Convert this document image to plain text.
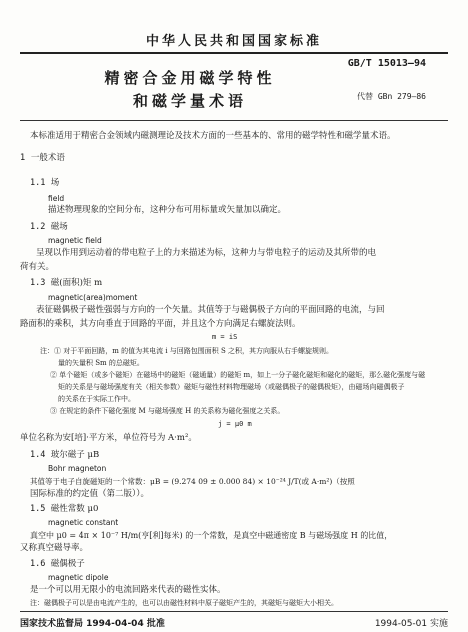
中华人民共和国国家标准
GB/T 15013—94
精密合金用磁学特性
和磁学量术语	代替 GBn 279—86
本标准适用于精密合金领域内磁测理论及技术方面的一些基本的、常用的磁学特性和磁学量术语。
1 一般术语
1.1 场
field
描述物理现象的空间分布，这种分布可用标量或矢量加以确定。
1.2 磁场
magnetic field
呈现以作用到运动着的带电粒子上的力来描述为标，这种力与带电粒子的运动及其所带的电
荷有关。
1.3 磁(面积)矩 m
magnetic(area)moment
表征磁偶极子磁性强弱与方向的一个矢量。其值等于与磁偶极子方向的平面回路的电流，与回
路面积的乘积，其方向垂直于回路的平面，并且这个方向满足右螺旋法则。
m = iS
注：① 对于平面回路，m 的值为其电流 i 与回路包围面积 S 之积，其方向服从右手螺旋规则。
量的矢量积 Sm 的总磁矩。
② 单个磁矩（或多个磁矩）在磁场中的磁矩（磁通量）的磁矩 m，如上一分子磁化磁矩和磁化的磁矩，那么磁化强度与磁
矩的关系是与磁场强度有关（相关参数）磁矩与磁性材料物理磁场（或磁偶极子的磁偶极矩），由磁场向磁偶极子
的关系在于实际工作中。
③ 在规定的条件下磁化强度 M 与磁场强度 H 的关系称为磁化强度之关系。
j = μ0 m
单位名称为安[培]·平方米，单位符号为 A·m²。
1.4 玻尔磁子 μB
Bohr magneton
其值等于电子自旋磁矩的一个常数：μB = (9.274 09 ± 0.000 84) × 10⁻²⁴ J/T(或 A·m²)（按照
国际标准的约定值（第二版））。
1.5 磁性常数 μ0
magnetic constant
真空中 μ0 = 4π × 10⁻⁷ H/m(亨[利]每米) 的一个常数，是真空中磁通密度 B 与磁场强度 H 的比值，
又称真空磁导率。
1.6 磁偶极子
magnetic dipole
是一个可以用无限小的电流回路来代表的磁性实体。
注：磁偶极子可以是由电流产生的，也可以由磁性材料中原子磁矩产生的，其磁矩与磁矩大小相关。
国家技术监督局 1994-04-04 批准	1994-05-01 实施
